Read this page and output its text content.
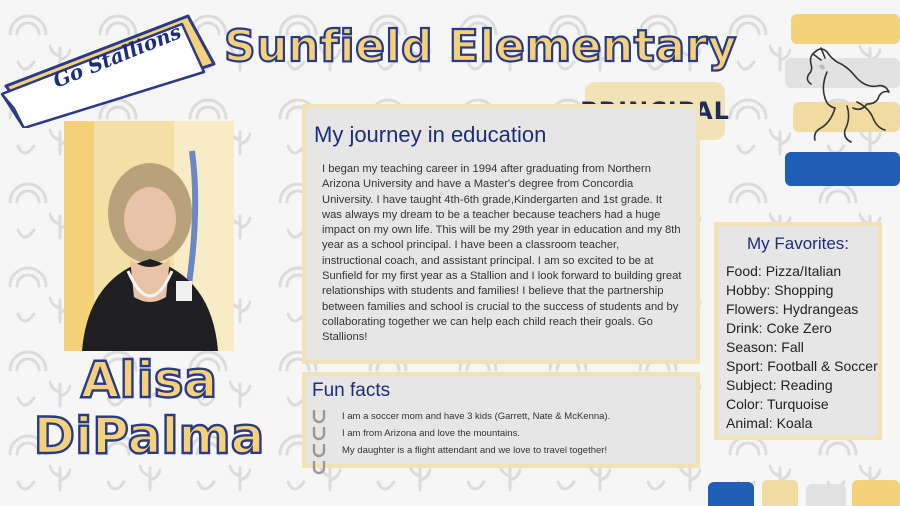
Go Stallions Sunfield Elementary
Alisa
DiPalma
My journey in education
I began my teaching career in 1994 after graduating from Northern Arizona University and have a Master's degree from Concordia University. I have taught 4th-6th grade,Kindergarten and 1st grade. It was always my dream to be a teacher because teachers had a huge impact on my own life. This will be my 29th year in education and my 8th year as a school principal. I have been a classroom teacher, instructional coach, and assistant principal. I am so excited to be at Sunfield for my first year as a Stallion and I look forward to building great relationships with students and families! I believe that the partnership between families and school is crucial to the success of students and by collaborating together we can help each child reach their goals. Go Stallions!
Fun facts
I am a soccer mom and have 3 kids (Garrett, Nate & McKenna).
I am from Arizona and love the mountains.
My daughter is a flight attendant and we love to travel together!
My Favorites:
Food: Pizza/Italian
Hobby: Shopping
Flowers: Hydrangeas
Drink: Coke Zero
Season: Fall
Sport: Football & Soccer
Subject: Reading
Color: Turquoise
Animal: Koala
